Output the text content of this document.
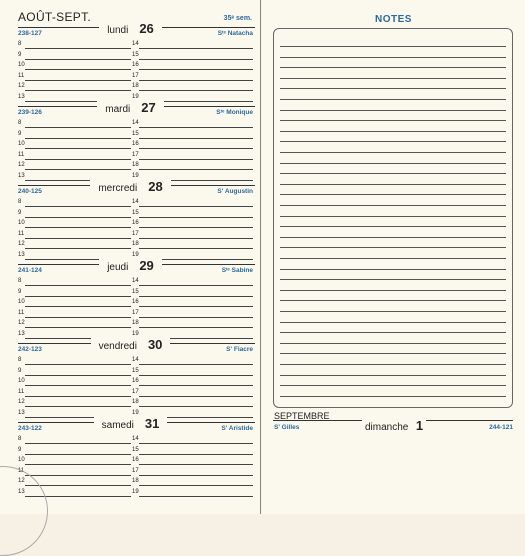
AOÛT-SEPT.	35ᵉ sem.
lundi 26
238-127	Sᵗᵉ Natacha
8
9
10
11
12
13
14
15
16
17
18
19
mardi 27
239-126	Sᵗᵉ Monique
8
9
10
11
12
13
14
15
16
17
18
19
mercredi 28
240-125	S' Augustin
8
9
10
11
12
13
14
15
16
17
18
19
jeudi 29
241-124	Sᵗᵉ Sabine
8
9
10
11
12
13
14
15
16
17
18
19
vendredi 30
242-123	S' Fiacre
8
9
10
11
12
13
14
15
16
17
18
19
samedi 31
243-122	S' Aristide
8
9
10
11
12
13
14
15
16
17
18
19
NOTES
SEPTEMBRE
dimanche 1
S' Gilles	244-121
